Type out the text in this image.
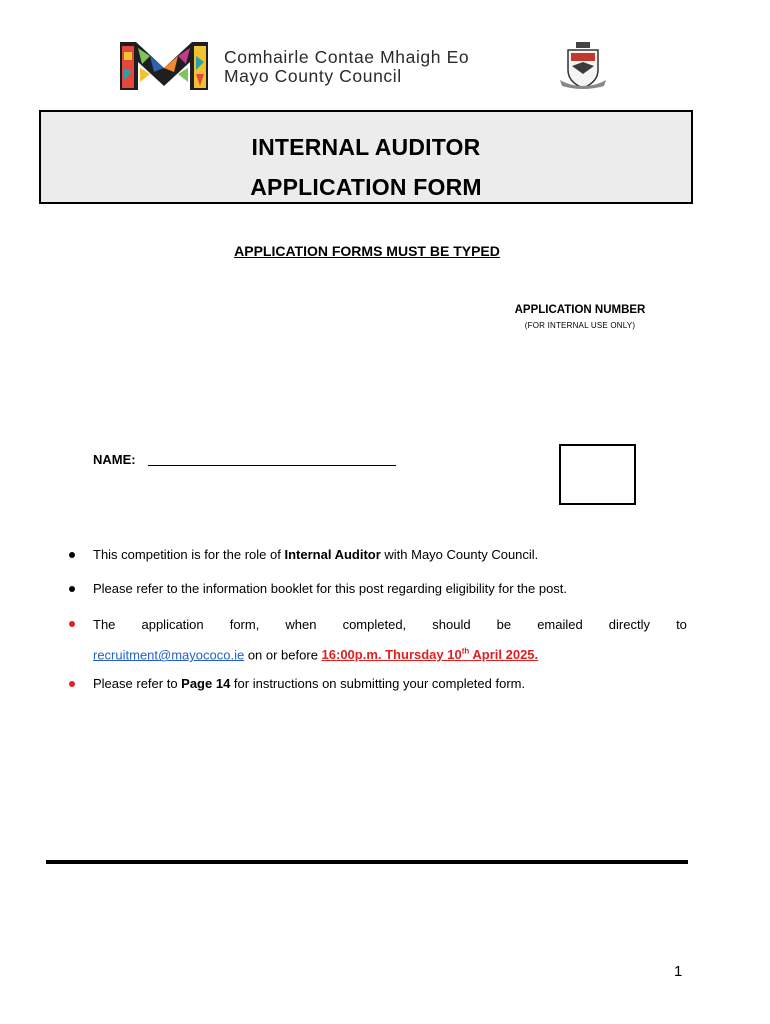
Comhairle Contae Mhaigh Eo
Mayo County Council
INTERNAL AUDITOR
APPLICATION FORM
APPLICATION FORMS MUST BE TYPED
APPLICATION NUMBER
(FOR INTERNAL USE ONLY)
NAME:
This competition is for the role of Internal Auditor with Mayo County Council.
Please refer to the information booklet for this post regarding eligibility for the post.
The application form, when completed, should be emailed directly to
recruitment@mayococo.ie on or before 16:00p.m. Thursday 10th April 2025.
Please refer to Page 14 for instructions on submitting your completed form.
1
